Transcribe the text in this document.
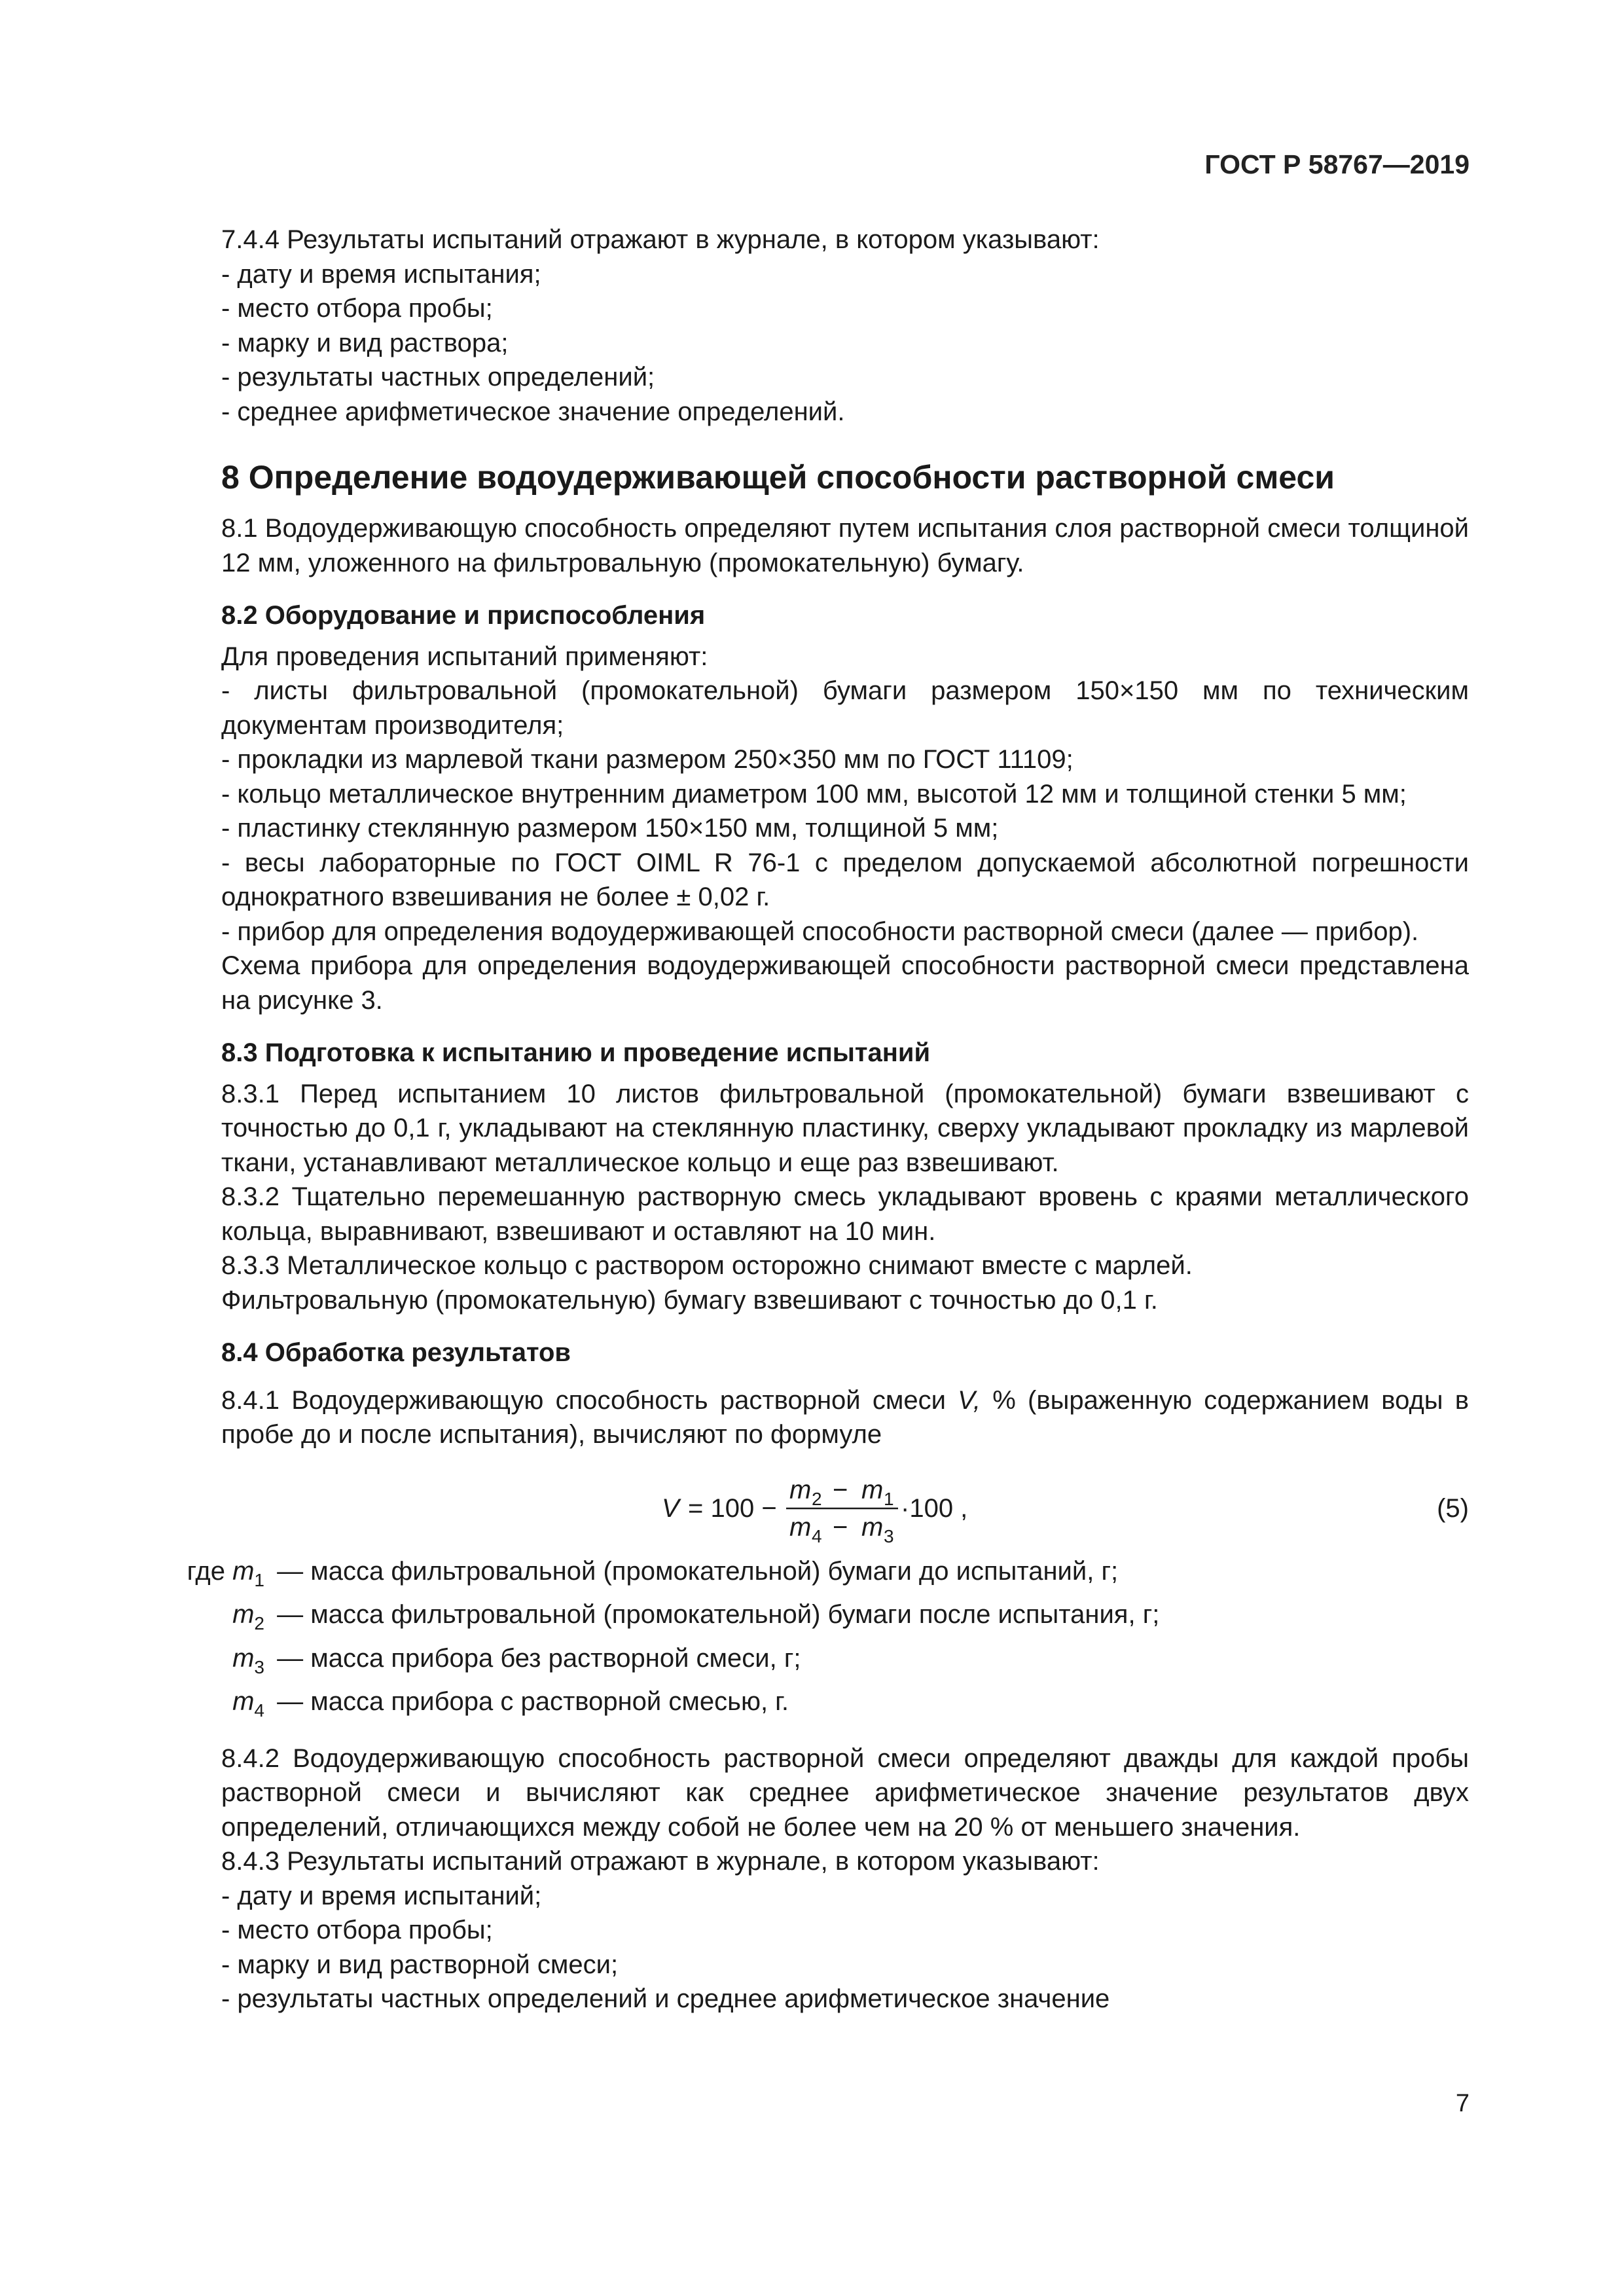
ГОСТ Р 58767—2019

7.4.4 Результаты испытаний отражают в журнале, в котором указывают:

- дату и время испытания;

- место отбора пробы;

- марку и вид раствора;

- результаты частных определений;

- среднее арифметическое значение определений.

8 Определение водоудерживающей способности растворной смеси

8.1 Водоудерживающую способность определяют путем испытания слоя растворной смеси толщиной 12 мм, уложенного на фильтровальную (промокательную) бумагу.

8.2 Оборудование и приспособления

Для проведения испытаний применяют:

- листы фильтровальной (промокательной) бумаги размером 150×150 мм по техническим документам производителя;

- прокладки из марлевой ткани размером 250×350 мм по ГОСТ 11109;

- кольцо металлическое внутренним диаметром 100 мм, высотой 12 мм и толщиной стенки 5 мм;

- пластинку стеклянную размером 150×150 мм, толщиной 5 мм;

- весы лабораторные по ГОСТ OIML R 76-1 с пределом допускаемой абсолютной погрешности однократного взвешивания не более ± 0,02 г.

- прибор для определения водоудерживающей способности растворной смеси (далее — прибор).

Схема прибора для определения водоудерживающей способности растворной смеси представлена на рисунке 3.

8.3 Подготовка к испытанию и проведение испытаний

8.3.1 Перед испытанием 10 листов фильтровальной (промокательной) бумаги взвешивают с точностью до 0,1 г, укладывают на стеклянную пластинку, сверху укладывают прокладку из марлевой ткани, устанавливают металлическое кольцо и еще раз взвешивают.

8.3.2 Тщательно перемешанную растворную смесь укладывают вровень с краями металлического кольца, выравнивают, взвешивают и оставляют на 10 мин.

8.3.3 Металлическое кольцо с раствором осторожно снимают вместе с марлей.

Фильтровальную (промокательную) бумагу взвешивают с точностью до 0,1 г.

8.4 Обработка результатов

8.4.1 Водоудерживающую способность растворной смеси V, % (выраженную содержанием воды в пробе до и после испытания), вычисляют по формуле

V = 100 −
m 2 − m 1
m 4 − m 3
·100 ,	(5)

где $m_1$ — масса фильтровальной (промокательной) бумаги до испытаний, г;

$m_2$ — масса фильтровальной (промокательной) бумаги после испытания, г;

$m_3$ — масса прибора без растворной смеси, г;

$m_4$ — масса прибора с растворной смесью, г.

8.4.2 Водоудерживающую способность растворной смеси определяют дважды для каждой пробы растворной смеси и вычисляют как среднее арифметическое значение результатов двух определений, отличающихся между собой не более чем на 20 % от меньшего значения.

8.4.3 Результаты испытаний отражают в журнале, в котором указывают:

- дату и время испытаний;

- место отбора пробы;

- марку и вид растворной смеси;

- результаты частных определений и среднее арифметическое значение

7
